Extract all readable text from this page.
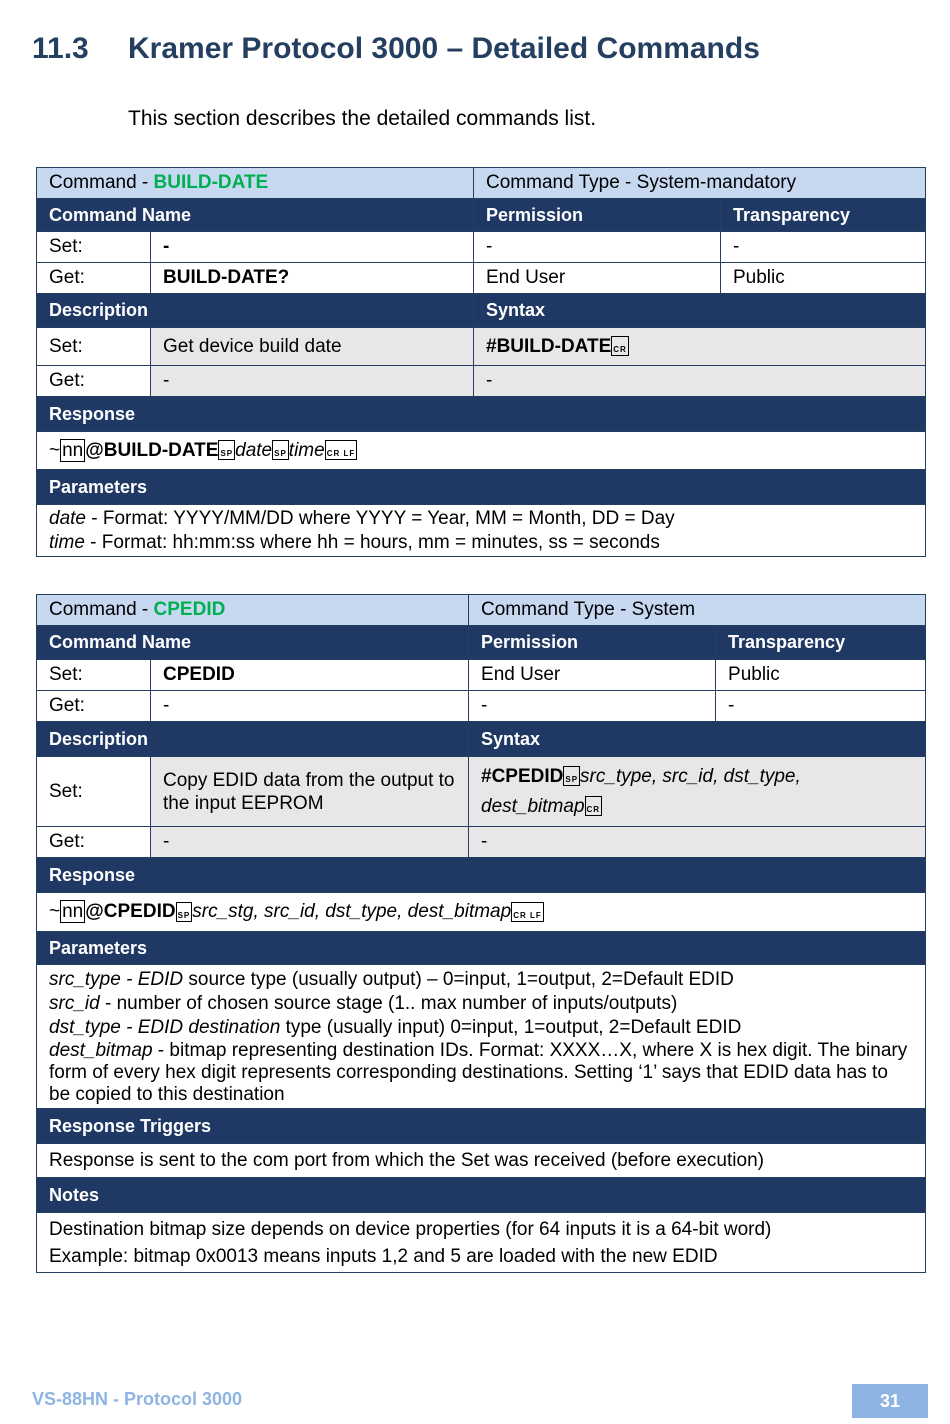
11.3 Kramer Protocol 3000 – Detailed Commands

This section describes the detailed commands list.

Command - BUILD-DATE		Command Type - System-mandatory	
Command Name		Permission	Transparency
Set:	-	-	-
Get:	BUILD-DATE?	End User	Public
Description		Syntax	
Set:	Get device build date	#BUILD-DATE CR	
Get:	-	-	
Response			
~ nn @BUILD-DATE SP date SP time CR LF			
Parameters			

date - Format: YYYY/MM/DD where YYYY = Year, MM = Month, DD = Day
time - Format: hh:mm:ss where hh = hours, mm = minutes, ss = seconds			
Command - CPEDID		Command Type - System	
Command Name		Permission	Transparency
Set:	CPEDID	End User	Public
Get:	-	-	-
Description		Syntax	
Set:	Copy EDID data from the output to the input EEPROM	#CPEDID SP src_type, src_id, dst_type,
dest_bitmap CR	

Get:	-	-	
Response			
~ nn @CPEDID SP src_stg, src_id, dst_type, dest_bitmap CR LF			
Parameters			

src_type - EDID source type (usually output) – 0=input, 1=output, 2=Default EDID
src_id - number of chosen source stage (1.. max number of inputs/outputs)
dst_type - EDID destination type (usually input) 0=input, 1=output, 2=Default EDID
dest_bitmap - bitmap representing destination IDs. Format: XXXX…X, where X is hex digit. The binary form of every hex digit represents corresponding destinations. Setting ‘1’ says that EDID data has to be copied to this destination			

Response Triggers			
Response is sent to the com port from which the Set was received (before execution)			
Notes			

Destination bitmap size depends on device properties (for 64 inputs it is a 64-bit word)
Example: bitmap 0x0013 means inputs 1,2 and 5 are loaded with the new EDID			
VS-88HN - Protocol 3000	31
